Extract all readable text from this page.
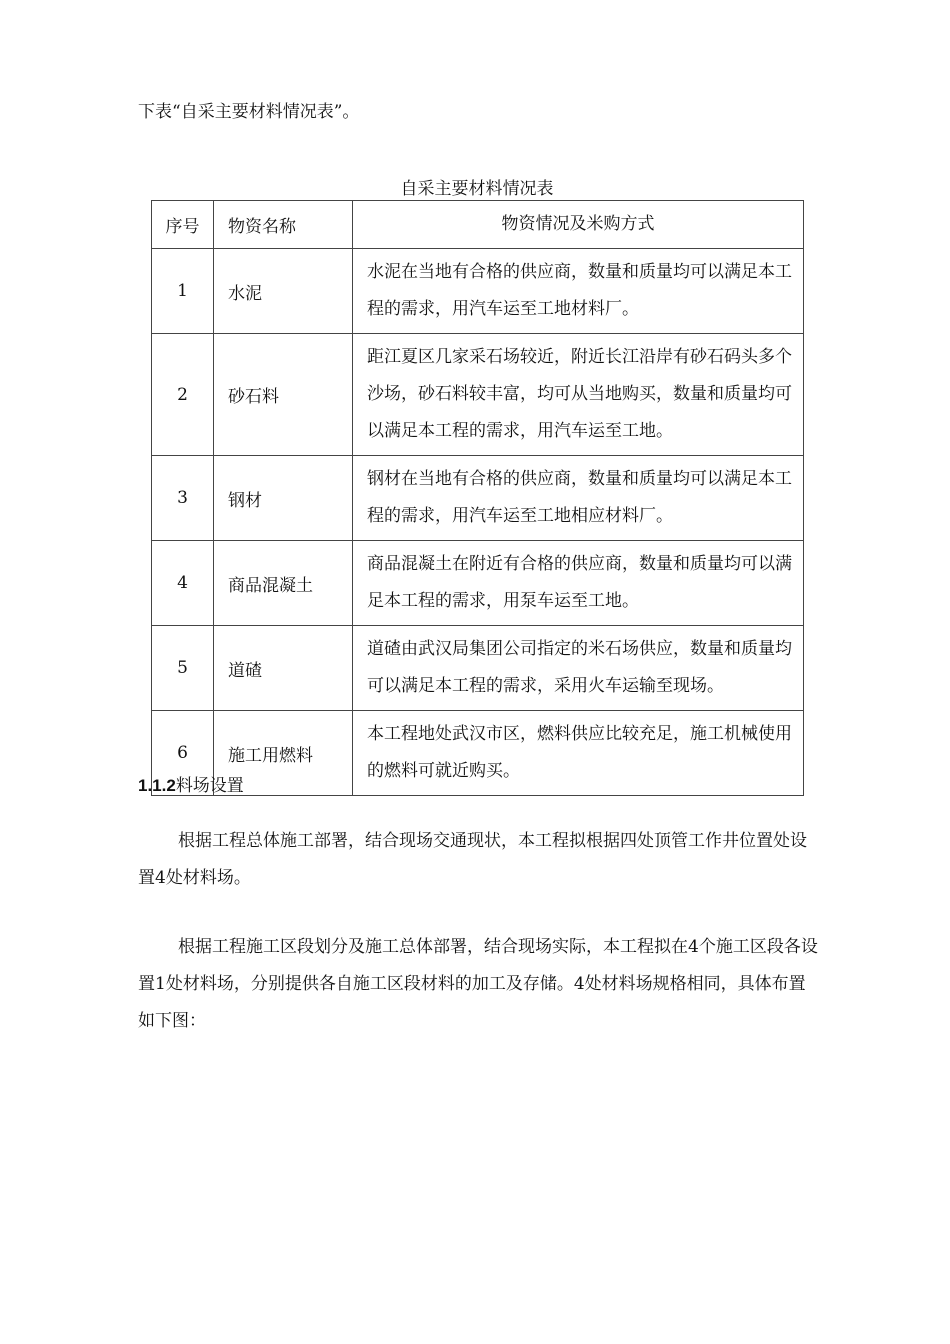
下表“自采主要材料情况表”。

自采主要材料情况表
序号	物资名称	物资情况及米购方式
1	水泥	水泥在当地有合格的供应商，数量和质量均可以满足本工程的需求，用汽车运至工地材料厂。
2	砂石料	距江夏区几家采石场较近，附近长江沿岸有砂石码头多个沙场，砂石料较丰富，均可从当地购买，数量和质量均可以满足本工程的需求，用汽车运至工地。
3	钢材	钢材在当地有合格的供应商，数量和质量均可以满足本工程的需求，用汽车运至工地相应材料厂。
4	商品混凝土	商品混凝土在附近有合格的供应商，数量和质量均可以满足本工程的需求，用泵车运至工地。
5	道碴	道碴由武汉局集团公司指定的米石场供应，数量和质量均可以满足本工程的需求，采用火车运输至现场。
6	施工用燃料	本工程地处武汉市区，燃料供应比较充足，施工机械使用的燃料可就近购买。
1.1.2料场设置

根据工程总体施工部署，结合现场交通现状，本工程拟根据四处顶管工作井位置处设置4处材料场。

根据工程施工区段划分及施工总体部署，结合现场实际，本工程拟在4个施工区段各设置1处材料场，分别提供各自施工区段材料的加工及存储。4处材料场规格相同，具体布置如下图：
